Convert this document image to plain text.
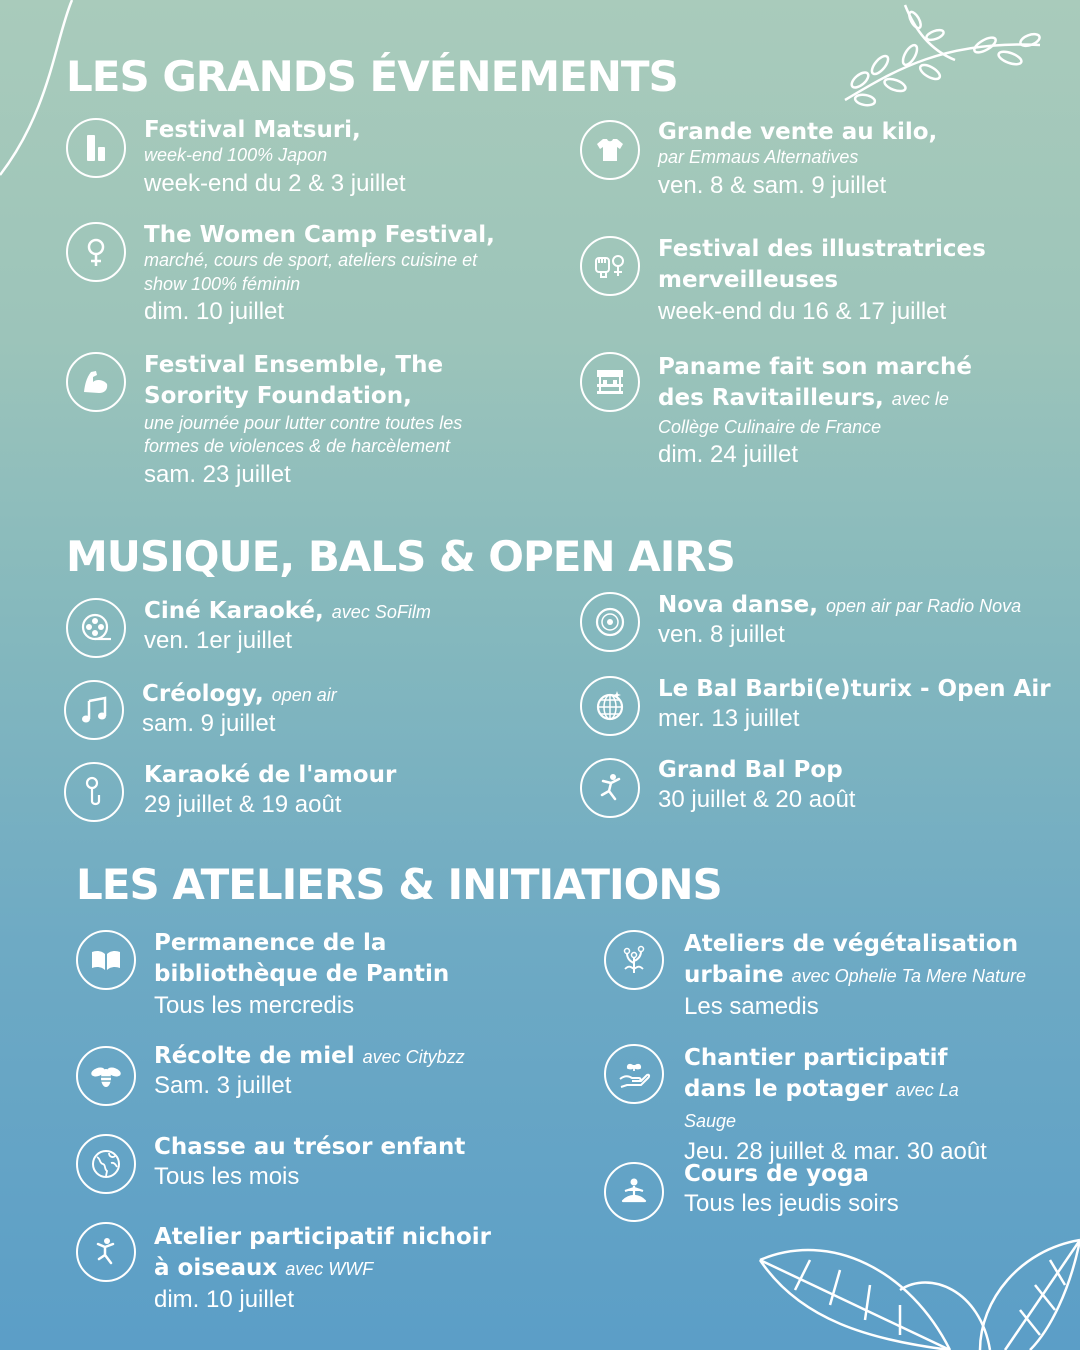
LES GRANDS ÉVÉNEMENTS
Festival Matsuri,
week-end 100% Japon
week-end du 2 & 3 juillet
Grande vente au kilo,
par Emmaus Alternatives
ven. 8 & sam. 9 juillet
The Women Camp Festival,
marché, cours de sport, ateliers cuisine et show 100% féminin
dim. 10 juillet
Festival des illustratrices merveilleuses
week-end du 16 & 17 juillet
Festival Ensemble, The Sorority Foundation,
une journée pour lutter contre toutes les formes de violences & de harcèlement
sam. 23 juillet
Paname fait son marché des Ravitailleurs, avec le
Collège Culinaire de France
dim. 24 juillet
MUSIQUE, BALS & OPEN AIRS
Ciné Karaoké, avec SoFilm
ven. 1er juillet
Nova danse, open air par Radio Nova
ven. 8 juillet
Créology, open air
sam. 9 juillet
Le Bal Barbi(e)turix - Open Air
mer. 13 juillet
Karaoké de l'amour
29 juillet & 19 août
Grand Bal Pop
30 juillet & 20 août
LES ATELIERS & INITIATIONS
Permanence de la bibliothèque de Pantin
Tous les mercredis
Ateliers de végétalisation urbaine avec Ophelie Ta Mere Nature
Les samedis
Récolte de miel avec Citybzz
Sam. 3 juillet
Chantier participatif dans le potager avec La Sauge
Jeu. 28 juillet & mar. 30 août
Chasse au trésor enfant
Tous les mois	Cours de yoga
Tous les jeudis soirs
Atelier participatif nichoir à oiseaux avec WWF
dim. 10 juillet
